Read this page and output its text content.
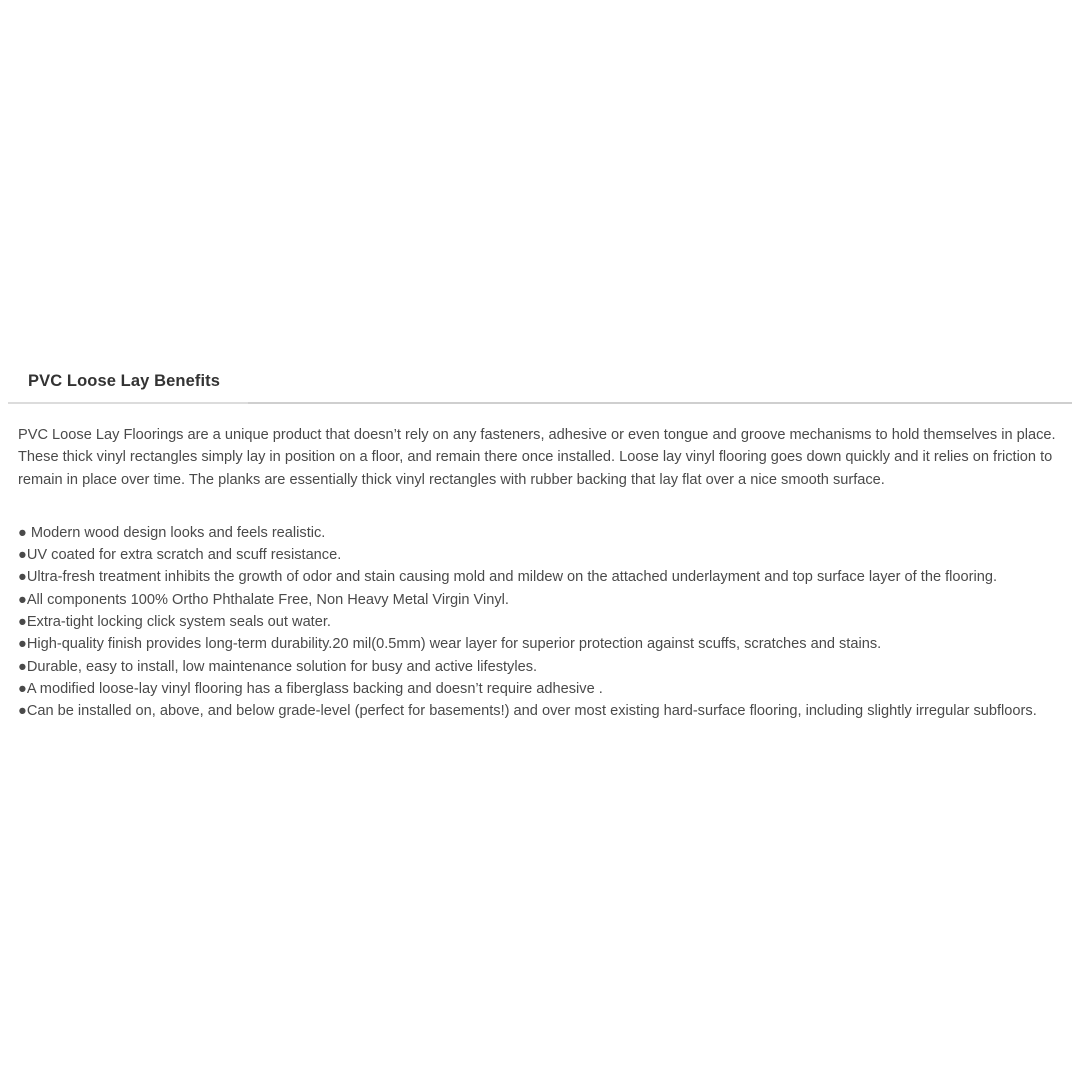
PVC Loose Lay Benefits

PVC Loose Lay Floorings are a unique product that doesn’t rely on any fasteners, adhesive or even tongue and groove mechanisms to hold themselves in place. These thick vinyl rectangles simply lay in position on a floor, and remain there once installed. Loose lay vinyl flooring goes down quickly and it relies on friction to remain in place over time. The planks are essentially thick vinyl rectangles with rubber backing that lay flat over a nice smooth surface.

● Modern wood design looks and feels realistic.
●UV coated for extra scratch and scuff resistance.
●Ultra-fresh treatment inhibits the growth of odor and stain causing mold and mildew on the attached underlayment and top surface layer of the flooring.
●All components 100% Ortho Phthalate Free, Non Heavy Metal Virgin Vinyl.
●Extra-tight locking click system seals out water.
●High-quality finish provides long-term durability.20 mil(0.5mm) wear layer for superior protection against scuffs, scratches and stains.
●Durable, easy to install, low maintenance solution for busy and active lifestyles.
●A modified loose-lay vinyl flooring has a fiberglass backing and doesn’t require adhesive .
●Can be installed on, above, and below grade-level (perfect for basements!) and over most existing hard-surface flooring, including slightly irregular subfloors.
